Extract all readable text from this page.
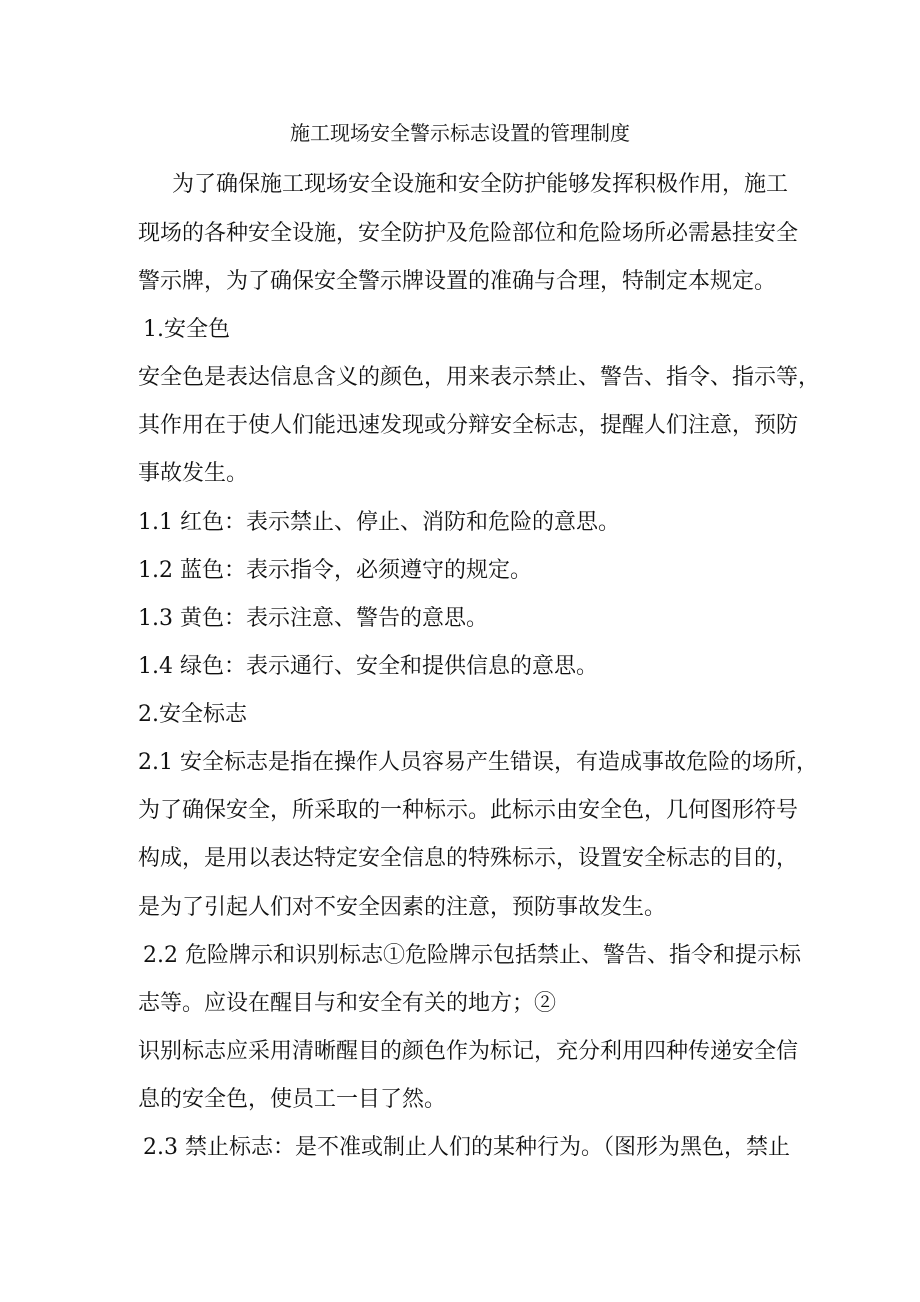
施工现场安全警示标志设置的管理制度
为了确保施工现场安全设施和安全防护能够发挥积极作用，施工
现场的各种安全设施，安全防护及危险部位和危险场所必需悬挂安全
警示牌，为了确保安全警示牌设置的准确与合理，特制定本规定。
1.安全色
安全色是表达信息含义的颜色，用来表示禁止、警告、指令、指示等，
其作用在于使人们能迅速发现或分辩安全标志，提醒人们注意，预防
事故发生。
1.1 红色：表示禁止、停止、消防和危险的意思。
1.2 蓝色：表示指令，必须遵守的规定。
1.3 黄色：表示注意、警告的意思。
1.4 绿色：表示通行、安全和提供信息的意思。
2.安全标志
2.1 安全标志是指在操作人员容易产生错误，有造成事故危险的场所，
为了确保安全，所采取的一种标示。此标示由安全色，几何图形符号
构成，是用以表达特定安全信息的特殊标示，设置安全标志的目的，
是为了引起人们对不安全因素的注意，预防事故发生。
2.2 危险牌示和识别标志①危险牌示包括禁止、警告、指令和提示标
志等。应设在醒目与和安全有关的地方；②
识别标志应采用清晰醒目的颜色作为标记，充分利用四种传递安全信
息的安全色，使员工一目了然。
2.3 禁止标志：是不准或制止人们的某种行为。（图形为黑色，禁止
